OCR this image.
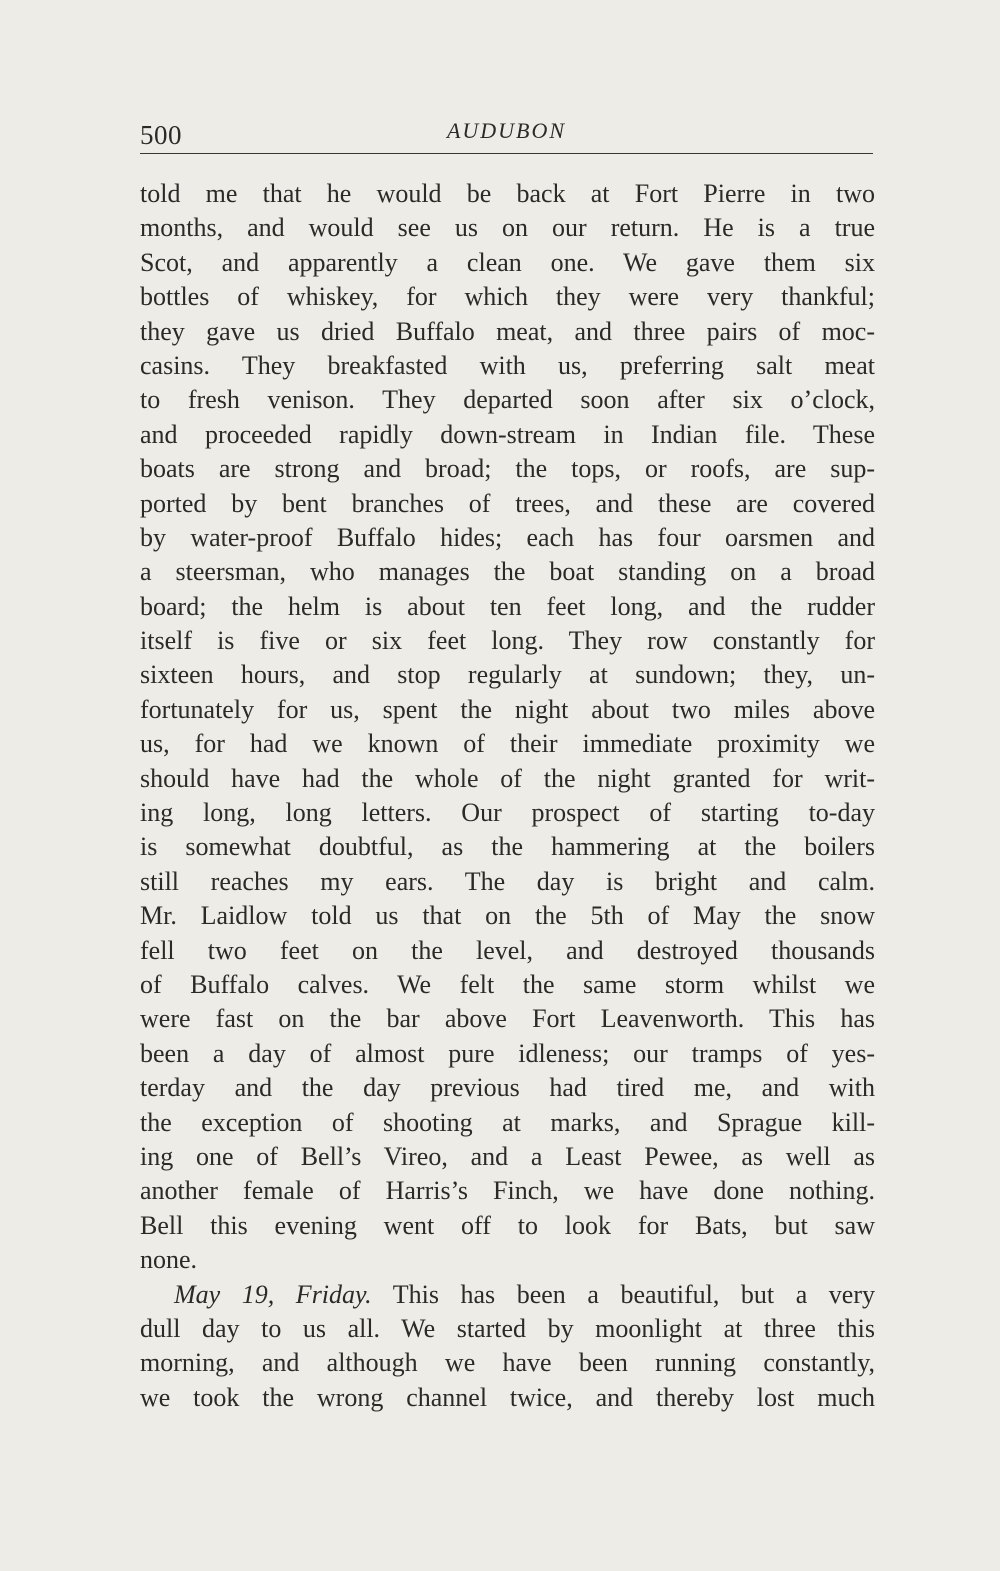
500	AUDUBON
told me that he would be back at Fort Pierre in two
months, and would see us on our return. He is a true
Scot, and apparently a clean one. We gave them six
bottles of whiskey, for which they were very thankful;
they gave us dried Buffalo meat, and three pairs of moc-
casins. They breakfasted with us, preferring salt meat
to fresh venison. They departed soon after six o’clock,
and proceeded rapidly down-stream in Indian file. These
boats are strong and broad; the tops, or roofs, are sup-
ported by bent branches of trees, and these are covered
by water-proof Buffalo hides; each has four oarsmen and
a steersman, who manages the boat standing on a broad
board; the helm is about ten feet long, and the rudder
itself is five or six feet long. They row constantly for
sixteen hours, and stop regularly at sundown; they, un-
fortunately for us, spent the night about two miles above
us, for had we known of their immediate proximity we
should have had the whole of the night granted for writ-
ing long, long letters. Our prospect of starting to-day
is somewhat doubtful, as the hammering at the boilers
still reaches my ears. The day is bright and calm.
Mr. Laidlow told us that on the 5th of May the snow
fell two feet on the level, and destroyed thousands
of Buffalo calves. We felt the same storm whilst we
were fast on the bar above Fort Leavenworth. This has
been a day of almost pure idleness; our tramps of yes-
terday and the day previous had tired me, and with
the exception of shooting at marks, and Sprague kill-
ing one of Bell’s Vireo, and a Least Pewee, as well as
another female of Harris’s Finch, we have done nothing.
Bell this evening went off to look for Bats, but saw
none.
May 19, Friday. This has been a beautiful, but a very
dull day to us all. We started by moonlight at three this
morning, and although we have been running constantly,
we took the wrong channel twice, and thereby lost much
